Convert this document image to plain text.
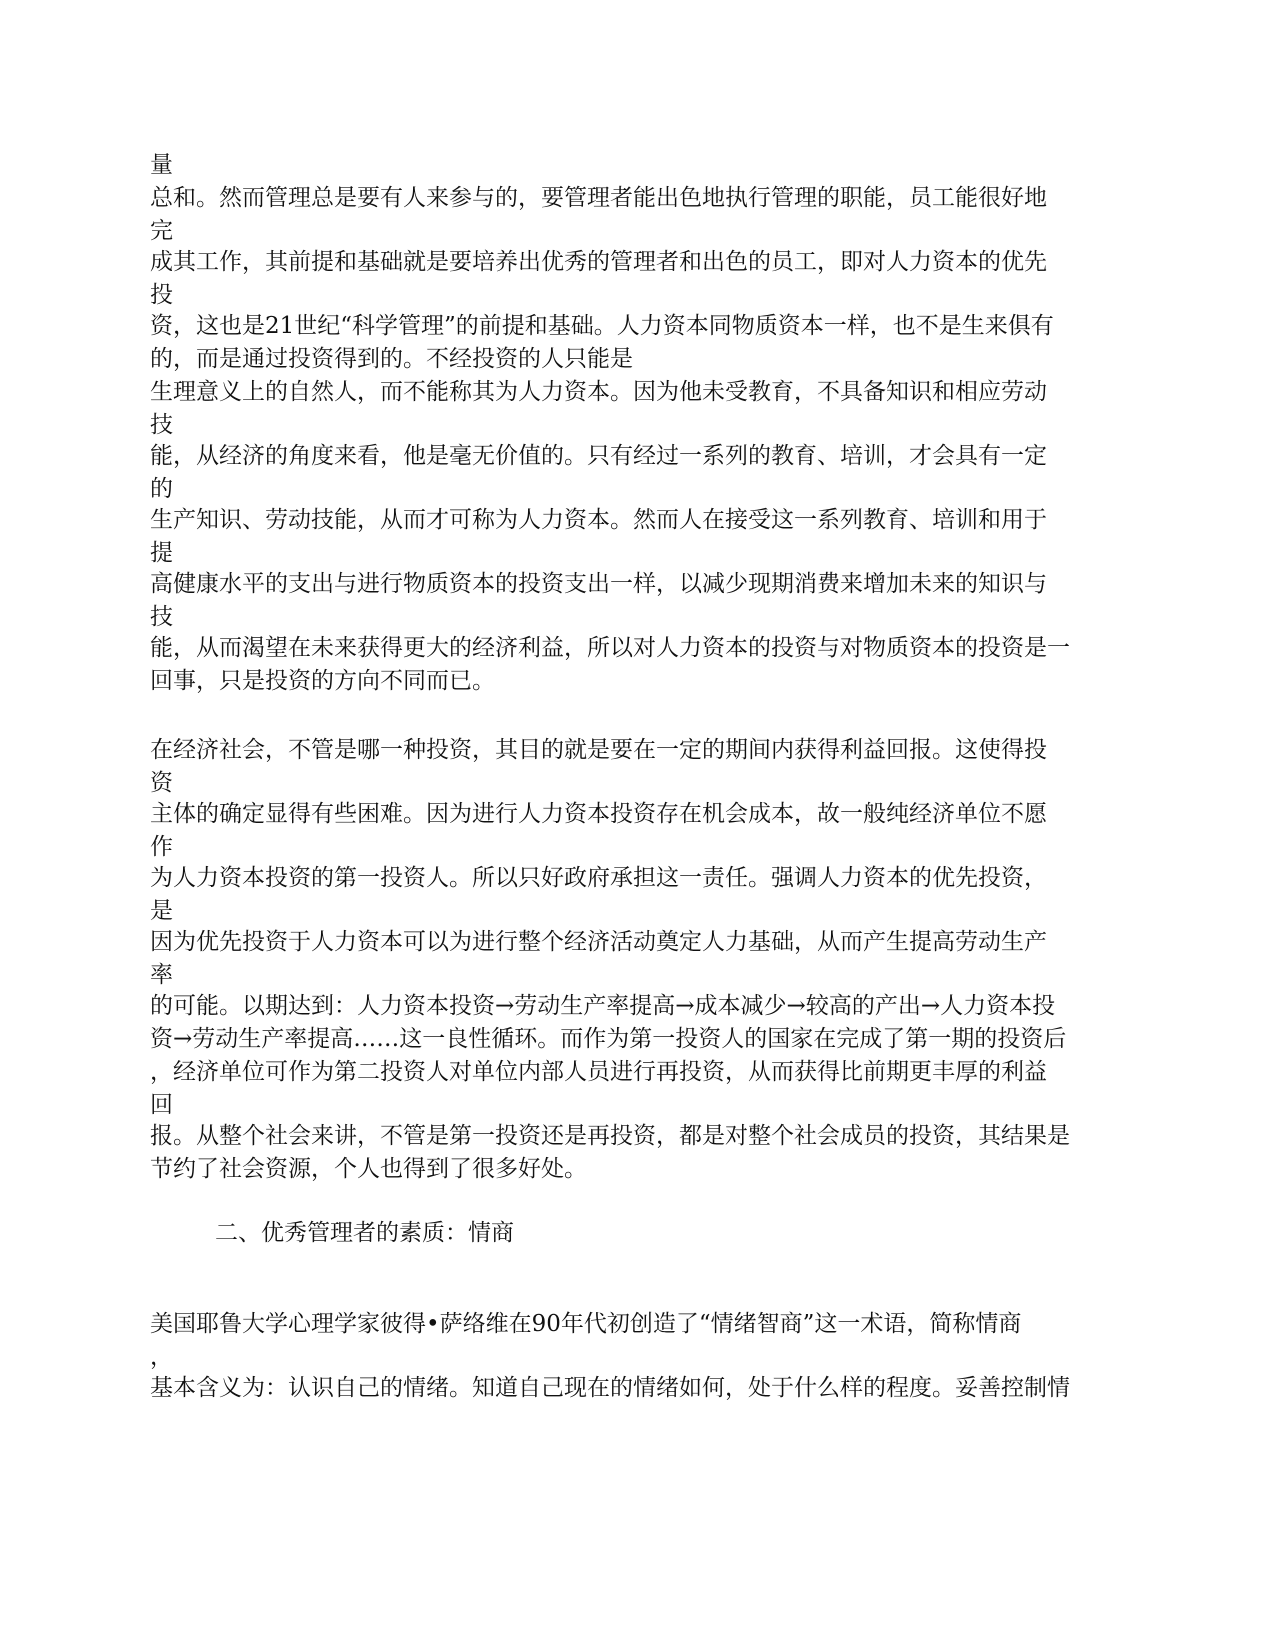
量
总和。然而管理总是要有人来参与的，要管理者能出色地执行管理的职能，员工能很好地
完
成其工作，其前提和基础就是要培养出优秀的管理者和出色的员工，即对人力资本的优先
投
资，这也是21世纪“科学管理”的前提和基础。人力资本同物质资本一样，也不是生来俱有 的，而是通过投资得到的。不经投资的人只能是
生理意义上的自然人，而不能称其为人力资本。因为他未受教育，不具备知识和相应劳动
技
能，从经济的角度来看，他是毫无价值的。只有经过一系列的教育、培训，才会具有一定
的
生产知识、劳动技能，从而才可称为人力资本。然而人在接受这一系列教育、培训和用于
提
高健康水平的支出与进行物质资本的投资支出一样，以减少现期消费来增加未来的知识与
技
能，从而渴望在未来获得更大的经济利益，所以对人力资本的投资与对物质资本的投资是一 回事，只是投资的方向不同而已。
在经济社会，不管是哪一种投资，其目的就是要在一定的期间内获得利益回报。这使得投
资
主体的确定显得有些困难。因为进行人力资本投资存在机会成本，故一般纯经济单位不愿
作
为人力资本投资的第一投资人。所以只好政府承担这一责任。强调人力资本的优先投资，
是
因为优先投资于人力资本可以为进行整个经济活动奠定人力基础，从而产生提高劳动生产
率
的可能。以期达到：人力资本投资→劳动生产率提高→成本减少→较高的产出→人力资本投
资→劳动生产率提高……这一良性循环。而作为第一投资人的国家在完成了第一期的投资后
，经济单位可作为第二投资人对单位内部人员进行再投资，从而获得比前期更丰厚的利益
回
报。从整个社会来讲，不管是第一投资还是再投资，都是对整个社会成员的投资，其结果是 节约了社会资源，个人也得到了很多好处。
二、优秀管理者的素质：情商
美国耶鲁大学心理学家彼得•萨络维在90年代初创造了“情绪智商”这一术语，简称情商
，
基本含义为：认识自己的情绪。知道自己现在的情绪如何，处于什么样的程度。妥善控制情
